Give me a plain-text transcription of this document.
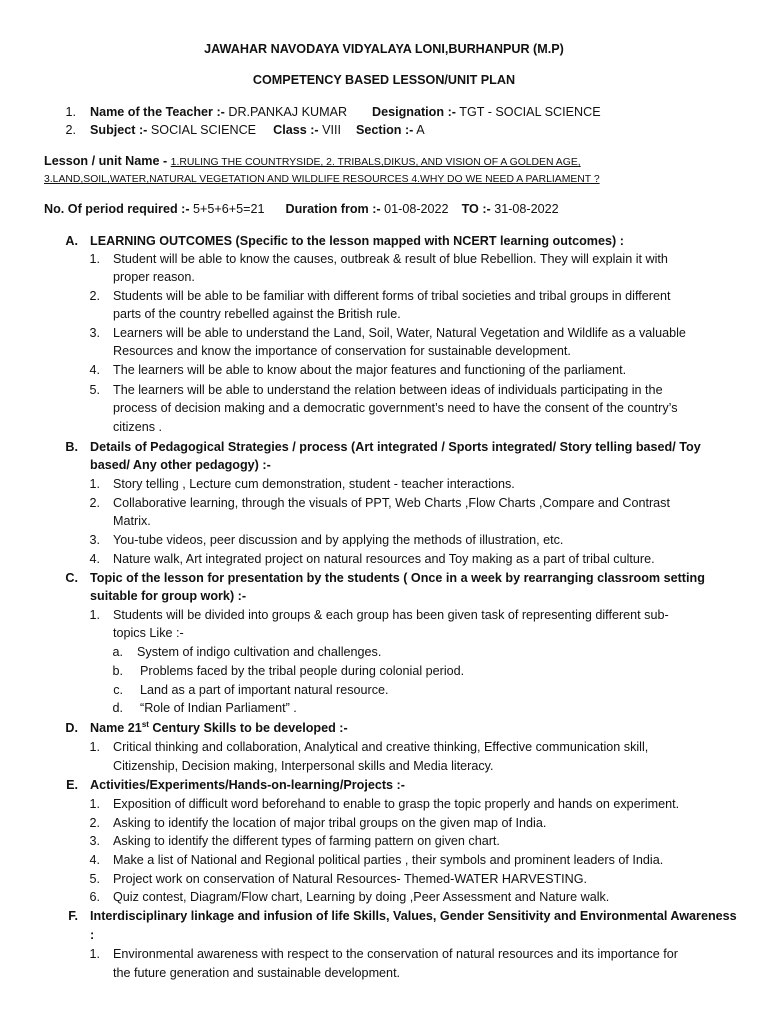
JAWAHAR NAVODAYA VIDYALAYA LONI,BURHANPUR (M.P)
COMPETENCY BASED LESSON/UNIT PLAN
1. Name of the Teacher :- DR.PANKAJ KUMAR Designation :- TGT - SOCIAL SCIENCE
2. Subject :- SOCIAL SCIENCE Class :- VIII Section :- A
Lesson / unit Name - 1.RULING THE COUNTRYSIDE, 2. TRIBALS,DIKUS, AND VISION OF A GOLDEN AGE,
3.LAND,SOIL,WATER,NATURAL VEGETATION AND WILDLIFE RESOURCES 4.WHY DO WE NEED A PARLIAMENT ?
No. Of period required :- 5+5+6+5=21 Duration from :- 01-08-2022 TO :- 31-08-2022
A. LEARNING OUTCOMES (Specific to the lesson mapped with NCERT learning outcomes) :
1. Student will be able to know the causes, outbreak & result of blue Rebellion. They will explain it with
proper reason.
2. Students will be able to be familiar with different forms of tribal societies and tribal groups in different
parts of the country rebelled against the British rule.
3. Learners will be able to understand the Land, Soil, Water, Natural Vegetation and Wildlife as a valuable
Resources and know the importance of conservation for sustainable development.
4. The learners will be able to know about the major features and functioning of the parliament.
5. The learners will be able to understand the relation between ideas of individuals participating in the
process of decision making and a democratic government’s need to have the consent of the country’s
citizens .
B. Details of Pedagogical Strategies / process (Art integrated / Sports integrated/ Story telling based/ Toy
based/ Any other pedagogy) :-
1. Story telling , Lecture cum demonstration, student - teacher interactions.
2. Collaborative learning, through the visuals of PPT, Web Charts ,Flow Charts ,Compare and Contrast
Matrix.
3. You-tube videos, peer discussion and by applying the methods of illustration, etc.
4. Nature walk, Art integrated project on natural resources and Toy making as a part of tribal culture.
C. Topic of the lesson for presentation by the students ( Once in a week by rearranging classroom setting
suitable for group work) :-
1. Students will be divided into groups & each group has been given task of representing different sub-
topics Like :-
a. System of indigo cultivation and challenges.
b. Problems faced by the tribal people during colonial period.
c. Land as a part of important natural resource.
d. “Role of Indian Parliament” .
D. Name 21st Century Skills to be developed :-
1. Critical thinking and collaboration, Analytical and creative thinking, Effective communication skill,
Citizenship, Decision making, Interpersonal skills and Media literacy.
E. Activities/Experiments/Hands-on-learning/Projects :-
1. Exposition of difficult word beforehand to enable to grasp the topic properly and hands on experiment.
2. Asking to identify the location of major tribal groups on the given map of India.
3. Asking to identify the different types of farming pattern on given chart.
4. Make a list of National and Regional political parties , their symbols and prominent leaders of India.
5. Project work on conservation of Natural Resources- Themed-WATER HARVESTING.
6. Quiz contest, Diagram/Flow chart, Learning by doing ,Peer Assessment and Nature walk.
F. Interdisciplinary linkage and infusion of life Skills, Values, Gender Sensitivity and Environmental Awareness
:
1. Environmental awareness with respect to the conservation of natural resources and its importance for
the future generation and sustainable development.
